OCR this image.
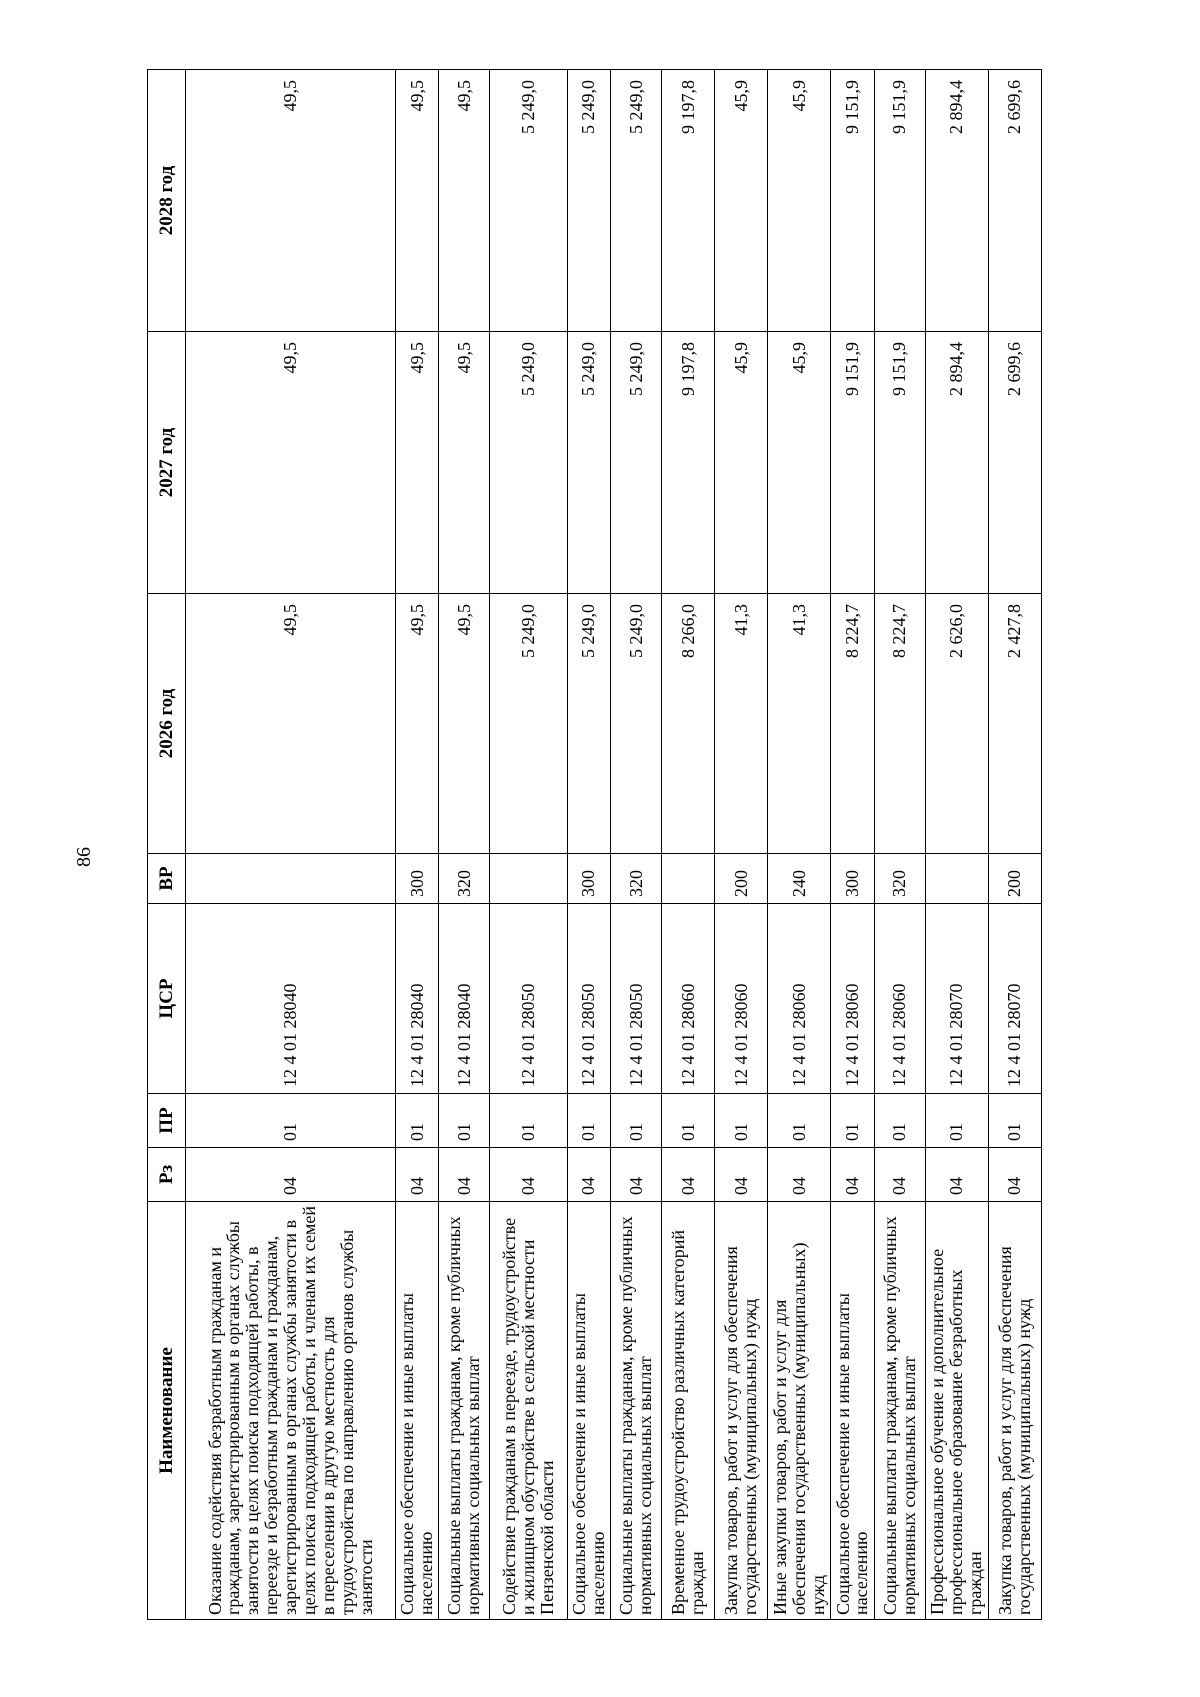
86
Наименование	Рз	ПР	ЦСР	ВР	2026 год	2027 год	2028 год
Оказание содействия безработным гражданам и гражданам, зарегистрированным в органах службы занятости в целях поиска подходящей работы, в переезде и безработным гражданам и гражданам, зарегистрированным в органах службы занятости в целях поиска подходящей работы, и членам их семей в переселении в другую местность для трудоустройства по направлению органов службы занятости	04	01	12 4 01 28040		49,5	49,5	49,5
Социальное обеспечение и иные выплаты населению	04	01	12 4 01 28040	300	49,5	49,5	49,5
Социальные выплаты гражданам, кроме публичных нормативных социальных выплат	04	01	12 4 01 28040	320	49,5	49,5	49,5
Содействие гражданам в переезде, трудоустройстве и жилищном обустройстве в сельской местности Пензенской области	04	01	12 4 01 28050		5 249,0	5 249,0	5 249,0
Социальное обеспечение и иные выплаты населению	04	01	12 4 01 28050	300	5 249,0	5 249,0	5 249,0
Социальные выплаты гражданам, кроме публичных нормативных социальных выплат	04	01	12 4 01 28050	320	5 249,0	5 249,0	5 249,0
Временное трудоустройство различных категорий граждан	04	01	12 4 01 28060		8 266,0	9 197,8	9 197,8
Закупка товаров, работ и услуг для обеспечения государственных (муниципальных) нужд	04	01	12 4 01 28060	200	41,3	45,9	45,9
Иные закупки товаров, работ и услуг для обеспечения государственных (муниципальных) нужд	04	01	12 4 01 28060	240	41,3	45,9	45,9
Социальное обеспечение и иные выплаты населению	04	01	12 4 01 28060	300	8 224,7	9 151,9	9 151,9
Социальные выплаты гражданам, кроме публичных нормативных социальных выплат	04	01	12 4 01 28060	320	8 224,7	9 151,9	9 151,9
Профессиональное обучение и дополнительное профессиональное образование безработных граждан	04	01	12 4 01 28070		2 626,0	2 894,4	2 894,4
Закупка товаров, работ и услуг для обеспечения государственных (муниципальных) нужд	04	01	12 4 01 28070	200	2 427,8	2 699,6	2 699,6
